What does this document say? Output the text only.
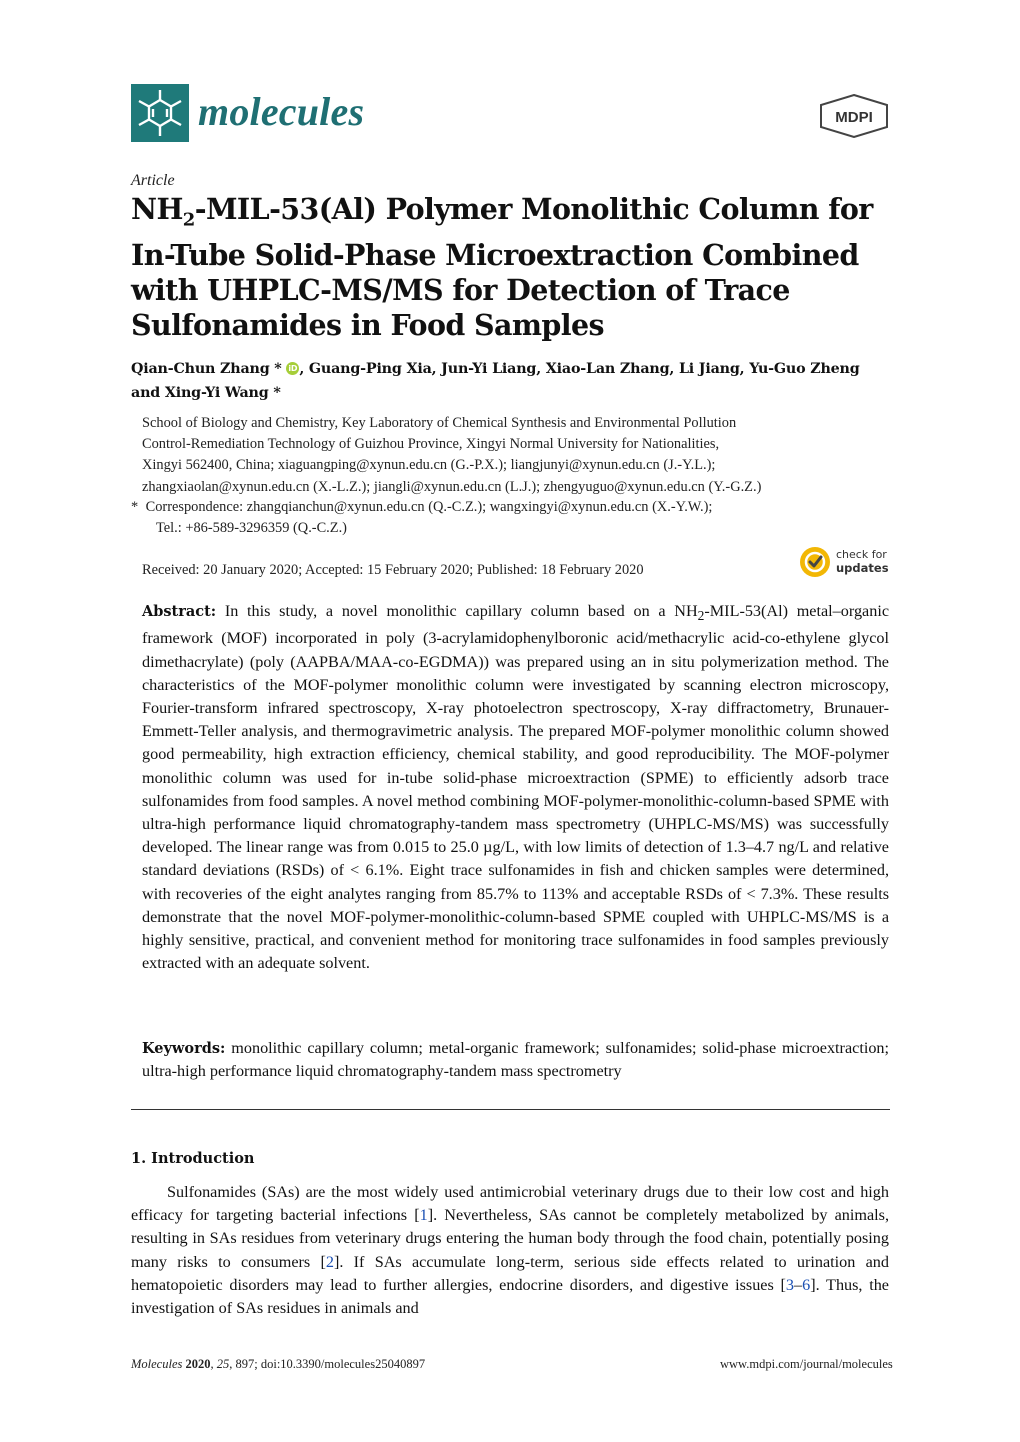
molecules	MDPI
Article
$NH_2-MIL-53(Al)$ Polymer Monolithic Column for In-Tube Solid-Phase Microextraction Combined with UHPLC-MS/MS for Detection of Trace Sulfonamides in Food Samples
Qian-Chun Zhang * iD , Guang-Ping Xia, Jun-Yi Liang, Xiao-Lan Zhang, Li Jiang, Yu-Guo Zheng and Xing-Yi Wang *
School of Biology and Chemistry, Key Laboratory of Chemical Synthesis and Environmental Pollution
Control-Remediation Technology of Guizhou Province, Xingyi Normal University for Nationalities,
Xingyi 562400, China; xiaguangping@xynun.edu.cn (G.-P.X.); liangjunyi@xynun.edu.cn (J.-Y.L.);
zhangxiaolan@xynun.edu.cn (X.-L.Z.); jiangli@xynun.edu.cn (L.J.); zhengyuguo@xynun.edu.cn (Y.-G.Z.)
* Correspondence: zhangqianchun@xynun.edu.cn (Q.-C.Z.); wangxingyi@xynun.edu.cn (X.-Y.W.);
Tel.: +86-589-3296359 (Q.-C.Z.)
Received: 20 January 2020; Accepted: 15 February 2020; Published: 18 February 2020
check for
updates

Abstract: In this study, a novel monolithic capillary column based on a $NH_2-MIL-53(Al)$ metal–organic framework (MOF) incorporated in poly (3-acrylamidophenylboronic acid/methacrylic acid-co-ethylene glycol dimethacrylate) (poly (AAPBA/MAA-co-EGDMA)) was prepared using an in situ polymerization method. The characteristics of the MOF-polymer monolithic column were investigated by scanning electron microscopy, Fourier-transform infrared spectroscopy, X-ray photoelectron spectroscopy, X-ray diffractometry, Brunauer-Emmett-Teller analysis, and thermogravimetric analysis. The prepared MOF-polymer monolithic column showed good permeability, high extraction efficiency, chemical stability, and good reproducibility. The MOF-polymer monolithic column was used for in-tube solid-phase microextraction (SPME) to efficiently adsorb trace sulfonamides from food samples. A novel method combining MOF-polymer-monolithic-column-based SPME with ultra-high performance liquid chromatography-tandem mass spectrometry (UHPLC-MS/MS) was successfully developed. The linear range was from 0.015 to 25.0 µg/L, with low limits of detection of 1.3–4.7 ng/L and relative standard deviations (RSDs) of < 6.1%. Eight trace sulfonamides in fish and chicken samples were determined, with recoveries of the eight analytes ranging from 85.7% to 113% and acceptable RSDs of < 7.3%. These results demonstrate that the novel MOF-polymer-monolithic-column-based SPME coupled with UHPLC-MS/MS is a highly sensitive, practical, and convenient method for monitoring trace sulfonamides in food samples previously extracted with an adequate solvent.

Keywords: monolithic capillary column; metal-organic framework; sulfonamides; solid-phase microextraction; ultra-high performance liquid chromatography-tandem mass spectrometry

1. Introduction

Sulfonamides (SAs) are the most widely used antimicrobial veterinary drugs due to their low cost and high efficacy for targeting bacterial infections [1]. Nevertheless, SAs cannot be completely metabolized by animals, resulting in SAs residues from veterinary drugs entering the human body through the food chain, potentially posing many risks to consumers [2]. If SAs accumulate long-term, serious side effects related to urination and hematopoietic disorders may lead to further allergies, endocrine disorders, and digestive issues [3–6]. Thus, the investigation of SAs residues in animals and

Molecules 2020, 25, 897; doi:10.3390/molecules25040897	www.mdpi.com/journal/molecules
